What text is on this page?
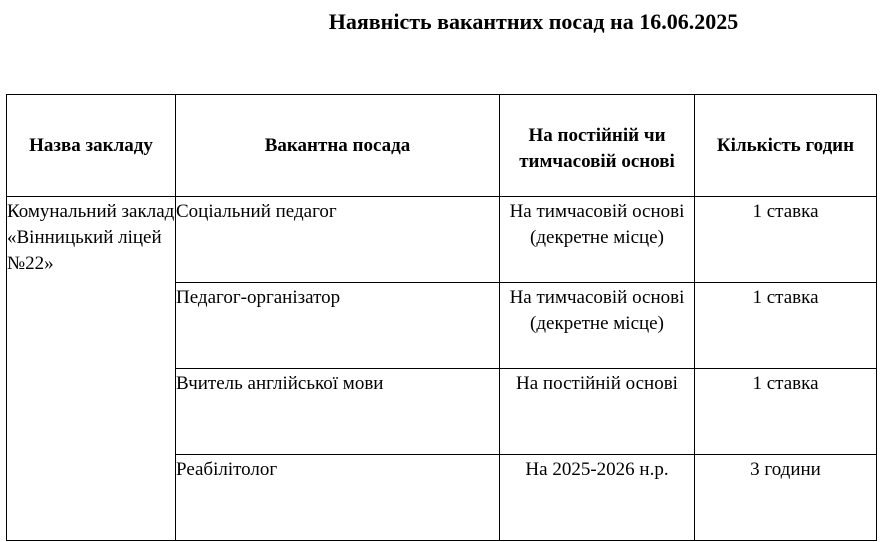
Наявність вакантних посад на 16.06.2025
Назва закладу	Вакантна посада	На постійній чи тимчасовій основі	Кількість годин

Комунальний заклад «Вінницький ліцей №22»	Соціальний педагог	На тимчасовій основі (декретне місце)	1 ставка
	Педагог-організатор	На тимчасовій основі (декретне місце)	1 ставка
	Вчитель англійської мови	На постійній основі	1 ставка
	Реабілітолог	На 2025-2026 н.р.	3 години
